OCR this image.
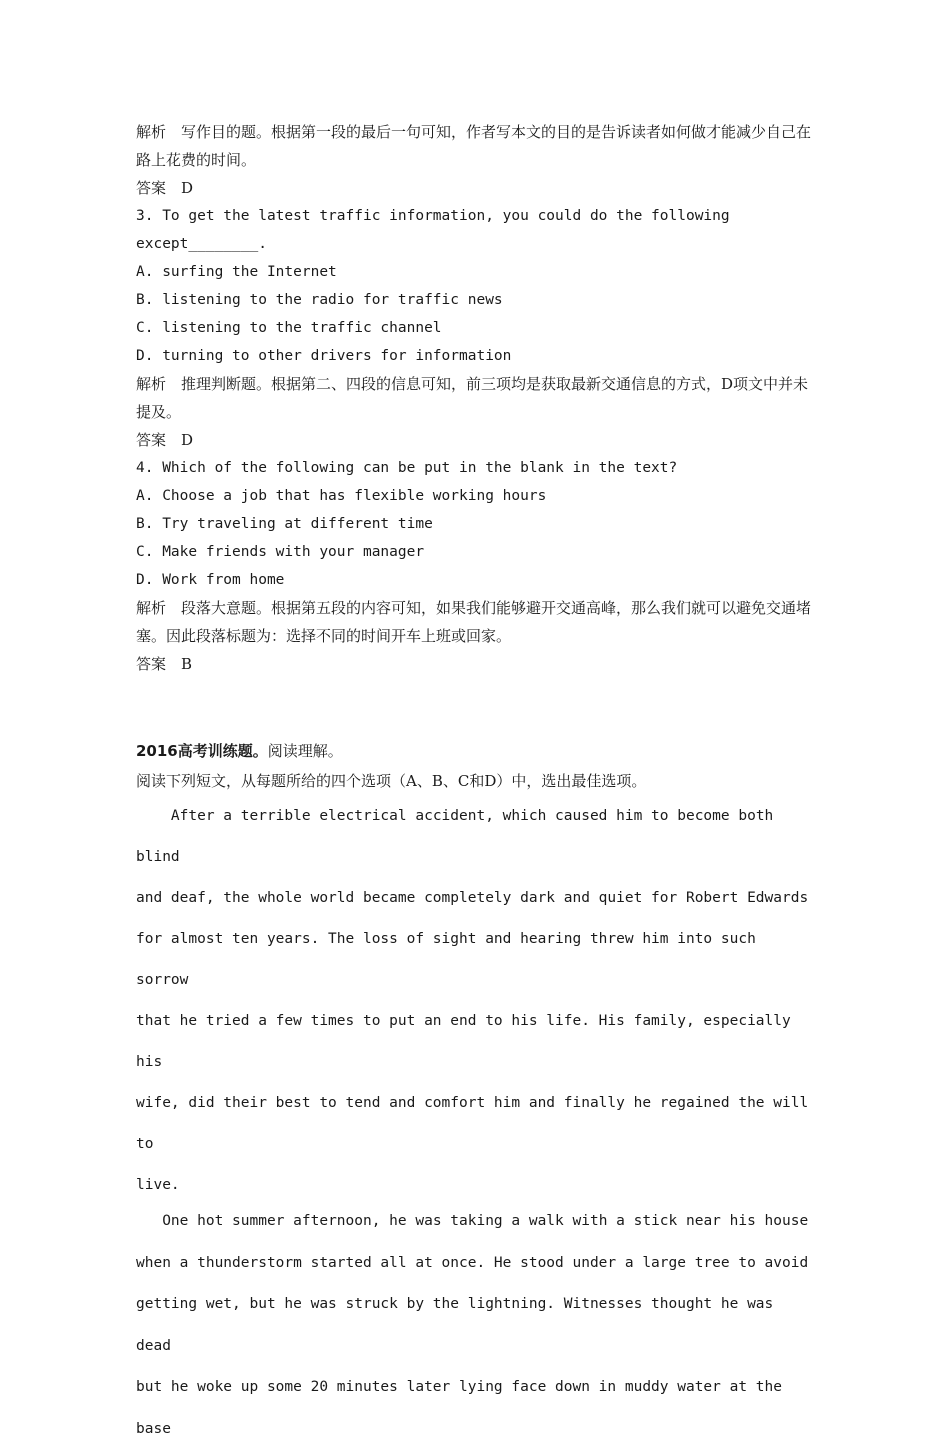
解析　写作目的题。根据第一段的最后一句可知，作者写本文的目的是告诉读者如何做才能减少自己在路上花费的时间。
答案　D
3. To get the latest traffic information, you could do the following
except________.
A. surfing the Internet
B. listening to the radio for traffic news
C. listening to the traffic channel
D. turning to other drivers for information
解析　推理判断题。根据第二、四段的信息可知，前三项均是获取最新交通信息的方式，D项文中并未提及。
答案　D
4. Which of the following can be put in the blank in the text?
A. Choose a job that has flexible working hours
B. Try traveling at different time
C. Make friends with your manager
D. Work from home
解析　段落大意题。根据第五段的内容可知，如果我们能够避开交通高峰，那么我们就可以避免交通堵塞。因此段落标题为：选择不同的时间开车上班或回家。
答案　B
2016高考训练题。阅读理解。
阅读下列短文，从每题所给的四个选项（A、B、C和D）中，选出最佳选项。

After a terrible electrical accident, which caused him to become both blind

and deaf, the whole world became completely dark and quiet for Robert Edwards

for almost ten years. The loss of sight and hearing threw him into such sorrow

that he tried a few times to put an end to his life. His family, especially his

wife, did their best to tend and comfort him and finally he regained the will to

live.

One hot summer afternoon, he was taking a walk with a stick near his house

when a thunderstorm started all at once. He stood under a large tree to avoid

getting wet, but he was struck by the lightning. Witnesses thought he was dead

but he woke up some 20 minutes later lying face down in muddy water at the base
